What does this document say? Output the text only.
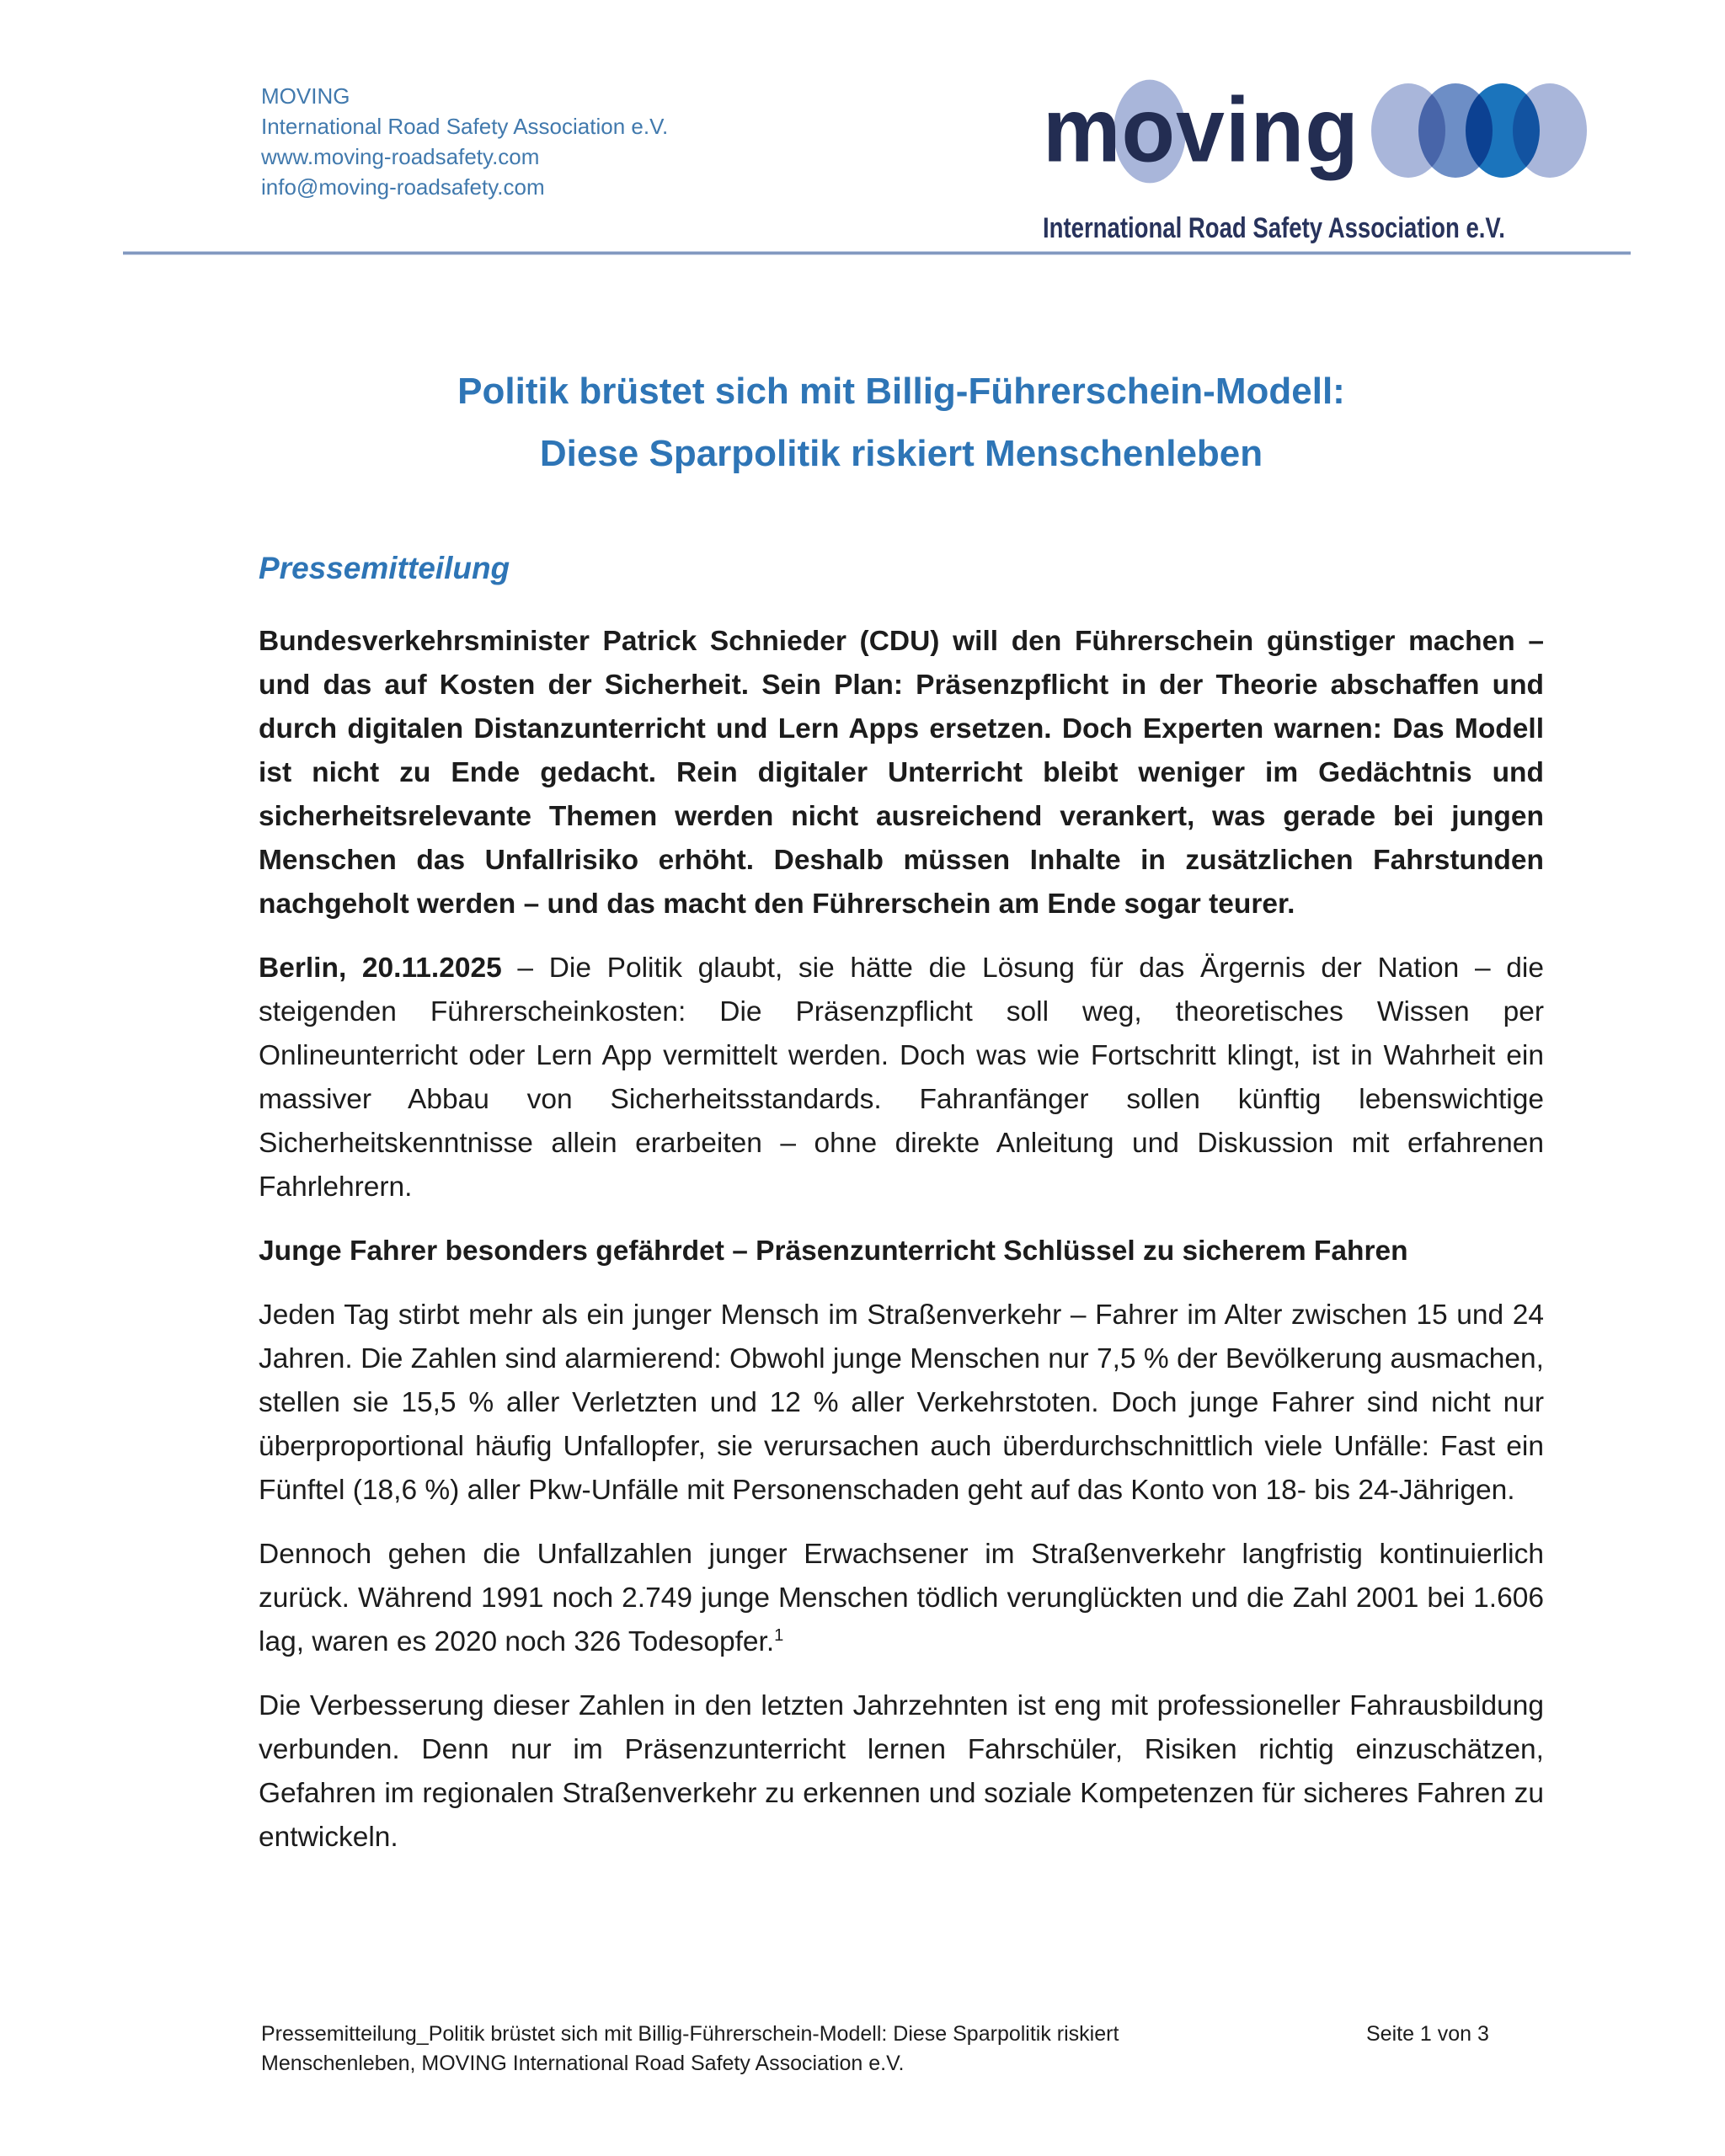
MOVING
International Road Safety Association e.V.
www.moving-roadsafety.com
info@moving-roadsafety.com
moving
International Road Safety Association e.V.
Politik brüstet sich mit Billig-Führerschein-Modell:
Diese Sparpolitik riskiert Menschenleben
Pressemitteilung

Bundesverkehrsminister Patrick Schnieder (CDU) will den Führerschein günstiger machen – und das auf Kosten der Sicherheit. Sein Plan: Präsenzpflicht in der Theorie abschaffen und durch digitalen Distanzunterricht und Lern Apps ersetzen. Doch Experten warnen: Das Modell ist nicht zu Ende gedacht. Rein digitaler Unterricht bleibt weniger im Gedächtnis und sicherheitsrelevante Themen werden nicht ausreichend verankert, was gerade bei jungen Menschen das Unfallrisiko erhöht. Deshalb müssen Inhalte in zusätzlichen Fahrstunden nachgeholt werden – und das macht den Führerschein am Ende sogar teurer.

Berlin, 20.11.2025 – Die Politik glaubt, sie hätte die Lösung für das Ärgernis der Nation – die steigenden Führerscheinkosten: Die Präsenzpflicht soll weg, theoretisches Wissen per Onlineunterricht oder Lern App vermittelt werden. Doch was wie Fortschritt klingt, ist in Wahrheit ein massiver Abbau von Sicherheitsstandards. Fahranfänger sollen künftig lebenswichtige Sicherheitskenntnisse allein erarbeiten – ohne direkte Anleitung und Diskussion mit erfahrenen Fahrlehrern.

Junge Fahrer besonders gefährdet – Präsenzunterricht Schlüssel zu sicherem Fahren

Jeden Tag stirbt mehr als ein junger Mensch im Straßenverkehr – Fahrer im Alter zwischen 15 und 24 Jahren. Die Zahlen sind alarmierend: Obwohl junge Menschen nur 7,5 % der Bevölkerung ausmachen, stellen sie 15,5 % aller Verletzten und 12 % aller Verkehrstoten. Doch junge Fahrer sind nicht nur überproportional häufig Unfallopfer, sie verursachen auch überdurchschnittlich viele Unfälle: Fast ein Fünftel (18,6 %) aller Pkw-Unfälle mit Personenschaden geht auf das Konto von 18- bis 24-Jährigen.

Dennoch gehen die Unfallzahlen junger Erwachsener im Straßenverkehr langfristig kontinuierlich zurück. Während 1991 noch 2.749 junge Menschen tödlich verunglückten und die Zahl 2001 bei 1.606 lag, waren es 2020 noch 326 Todesopfer.$^1$

Die Verbesserung dieser Zahlen in den letzten Jahrzehnten ist eng mit professioneller Fahrausbildung verbunden. Denn nur im Präsenzunterricht lernen Fahrschüler, Risiken richtig einzuschätzen, Gefahren im regionalen Straßenverkehr zu erkennen und soziale Kompetenzen für sicheres Fahren zu entwickeln.

Pressemitteilung_Politik brüstet sich mit Billig-Führerschein-Modell: Diese Sparpolitik riskiert Menschenleben, MOVING International Road Safety Association e.V.
Seite 1 von 3
